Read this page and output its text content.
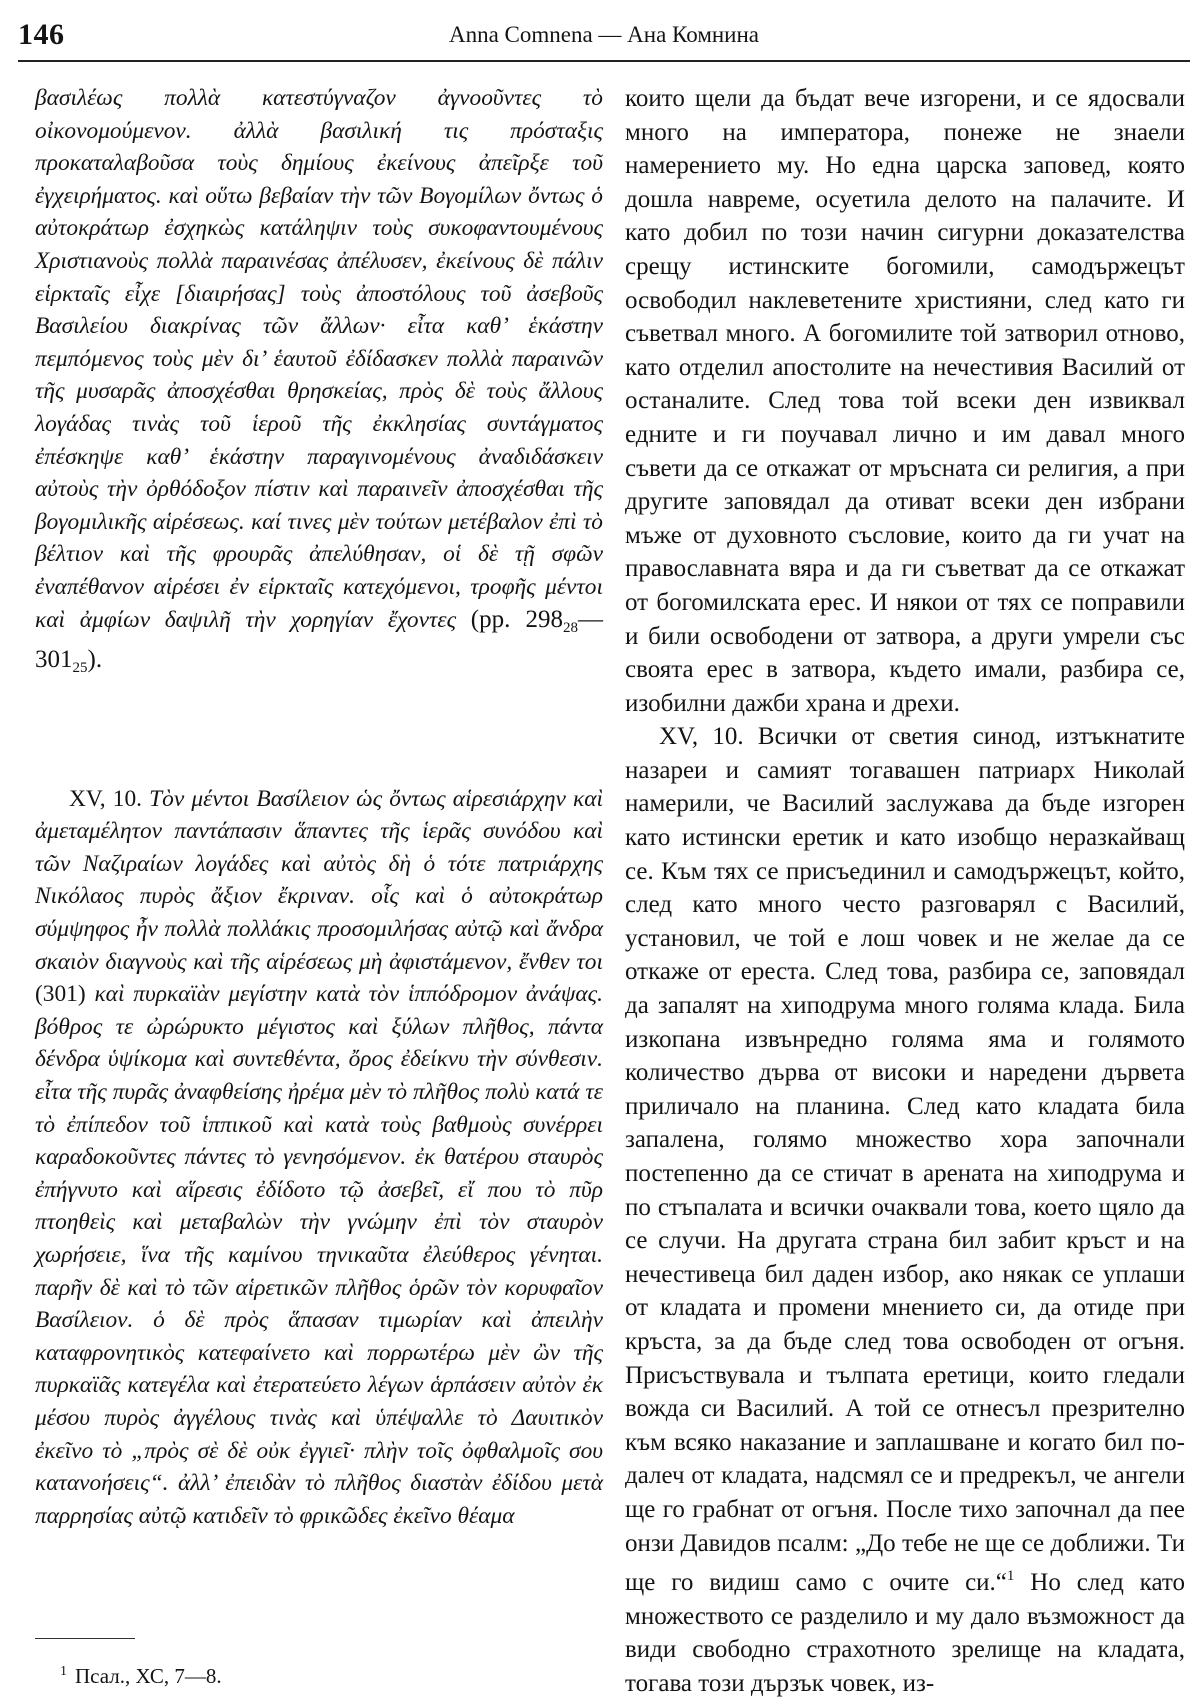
146	Anna Comnena — Ана Комнина

βασιλέως πολλὰ κατεστύγναζον ἀγνοοῦντες τὸ οἰκονομούμενον. ἀλλὰ βασιλική τις πρόσταξις προκαταλαβοῦσα τοὺς δημίους ἐκείνους ἀπεῖρξε τοῦ ἐγχειρήματος. καὶ οὕτω βεβαίαν τὴν τῶν Βογομίλων ὄντως ὁ αὐτοκράτωρ ἐσχηκὼς κατάληψιν τοὺς συκοφαντουμένους Χριστιανοὺς πολλὰ παραινέσας ἀπέλυσεν, ἐκείνους δὲ πάλιν εἱρκταῖς εἶχε [διαιρήσας] τοὺς ἀποστόλους τοῦ ἀσεβοῦς Βασιλείου διακρίνας τῶν ἄλλων· εἶτα καθ’ ἑκάστην πεμπόμενος τοὺς μὲν δι’ ἑαυτοῦ ἐδίδασκεν πολλὰ παραινῶν τῆς μυσαρᾶς ἀποσχέσθαι θρησκείας, πρὸς δὲ τοὺς ἄλλους λογάδας τινὰς τοῦ ἱεροῦ τῆς ἐκκλησίας συντάγματος ἐπέσκηψε καθ’ ἑκάστην παραγινομένους ἀναδιδάσκειν αὐτοὺς τὴν ὀρθόδοξον πίστιν καὶ παραινεῖν ἀποσχέσθαι τῆς βογομιλικῆς αἱρέσεως. καί τινες μὲν τούτων μετέβαλον ἐπὶ τὸ βέλτιον καὶ τῆς φρουρᾶς ἀπελύθησαν, οἱ δὲ τῇ σφῶν ἐναπέθανον αἱρέσει ἐν εἱρκταῖς κατεχόμενοι, τροφῆς μέντοι καὶ ἀμφίων δαψιλῆ τὴν χορηγίαν ἔχοντες (pp. $298_{28}—$ $301_{25}$).

XV, 10. Τὸν μέντοι Βασίλειον ὡς ὄντως αἱρεσιάρχην καὶ ἀμεταμέλητον παντάπασιν ἅπαντες τῆς ἱερᾶς συνόδου καὶ τῶν Ναζιραίων λογάδες καὶ αὐτὸς δὴ ὁ τότε πατριάρχης Νικόλαος πυρὸς ἄξιον ἔκριναν. οἷς καὶ ὁ αὐτοκράτωρ σύμψηφος ἦν πολλὰ πολλάκις προσομιλήσας αὐτῷ καὶ ἄνδρα σκαιὸν διαγνοὺς καὶ τῆς αἱρέσεως μὴ ἀφιστάμενον, ἔνθεν τοι (301) καὶ πυρκαϊὰν μεγίστην κατὰ τὸν ἱππόδρομον ἀνάψας. βόθρος τε ὠρώρυκτο μέγιστος καὶ ξύλων πλῆθος, πάντα δένδρα ὑψίκομα καὶ συντεθέντα, ὄρος ἐδείκνυ τὴν σύνθεσιν. εἶτα τῆς πυρᾶς ἀναφθείσης ἠρέμα μὲν τὸ πλῆθος πολὺ κατά τε τὸ ἐπίπεδον τοῦ ἱππικοῦ καὶ κατὰ τοὺς βαθμοὺς συνέρρει καραδοκοῦντες πάντες τὸ γενησόμενον. ἐκ θατέρου σταυρὸς ἐπήγνυτο καὶ αἵρεσις ἐδίδοτο τῷ ἀσεβεῖ, εἴ που τὸ πῦρ πτοηθεὶς καὶ μεταβαλὼν τὴν γνώμην ἐπὶ τὸν σταυρὸν χωρήσειε, ἵνα τῆς καμίνου τηνικαῦτα ἐλεύθερος γένηται. παρῆν δὲ καὶ τὸ τῶν αἱρετικῶν πλῆθος ὁρῶν τὸν κορυφαῖον Βασίλειον. ὁ δὲ πρὸς ἅπασαν τιμωρίαν καὶ ἀπειλὴν καταφρονητικὸς κατεφαίνετο καὶ πορρωτέρω μὲν ὢν τῆς πυρκαϊᾶς κατεγέλα καὶ ἐτερατεύετο λέγων ἁρπάσειν αὐτὸν ἐκ μέσου πυρὸς ἀγγέλους τινὰς καὶ ὑπέψαλλε τὸ Δαυιτικὸν ἐκεῖνο τὸ „πρὸς σὲ δὲ οὐκ ἐγγιεῖ· πλὴν τοῖς ὀφθαλμοῖς σου κατανοήσεις“. ἀλλ’ ἐπειδὰν τὸ πλῆθος διαστὰν ἐδίδου μετὰ παρρησίας αὐτῷ κατιδεῖν τὸ φρικῶδες ἐκεῖνο θέαμα

които щели да бъдат вече изгорени, и се ядосвали много на императора, понеже не знаели намерението му. Но една царска заповед, която дошла навреме, осуетила делото на палачите. И като добил по този начин сигурни доказателства срещу истинските богомили, самодържецът освободил наклеветените християни, след като ги съветвал много. А богомилите той затворил отново, като отделил апостолите на нечестивия Василий от останалите. След това той всеки ден извиквал едните и ги поучавал лично и им давал много съвети да се откажат от мръсната си религия, а при другите заповядал да отиват всеки ден избрани мъже от духовното съсловие, които да ги учат на православната вяра и да ги съветват да се откажат от богомилската ерес. И някои от тях се поправили и били освободени от затвора, а други умрели със своята ерес в затвора, където имали, разбира се, изобилни дажби храна и дрехи.

XV, 10. Всички от светия синод, изтъкнатите назареи и самият тогавашен патриарх Николай намерили, че Василий заслужава да бъде изгорен като истински еретик и като изобщо неразкайващ се. Към тях се присъединил и самодържецът, който, след като много често разговарял с Василий, установил, че той е лош човек и не желае да се откаже от ереста. След това, разбира се, заповядал да запалят на хиподрума много голяма клада. Била изкопана извънредно голяма яма и голямото количество дърва от високи и наредени дървета приличало на планина. След като кладата била запалена, голямо множество хора започнали постепенно да се стичат в арената на хиподрума и по стъпалата и всички очаквали това, което щяло да се случи. На другата страна бил забит кръст и на нечестивеца бил даден избор, ако някак се уплаши от кладата и промени мнението си, да отиде при кръста, за да бъде след това освободен от огъня. Присъствувала и тълпата еретици, които гледали вожда си Василий. А той се отнесъл презрително към всяко наказание и заплашване и когато бил по-далеч от кладата, надсмял се и предрекъл, че ангели ще го грабнат от огъня. После тихо започнал да пее онзи Давидов псалм: „До тебе не ще се доближи. Ти ще го видиш само с очите си.“$^1$ Но след като множеството се разделило и му дало възможност да види свободно страхотното зрелище на кладата, тогава този дързък човек, из-

$^1$ Псал., ХС, 7—8.
